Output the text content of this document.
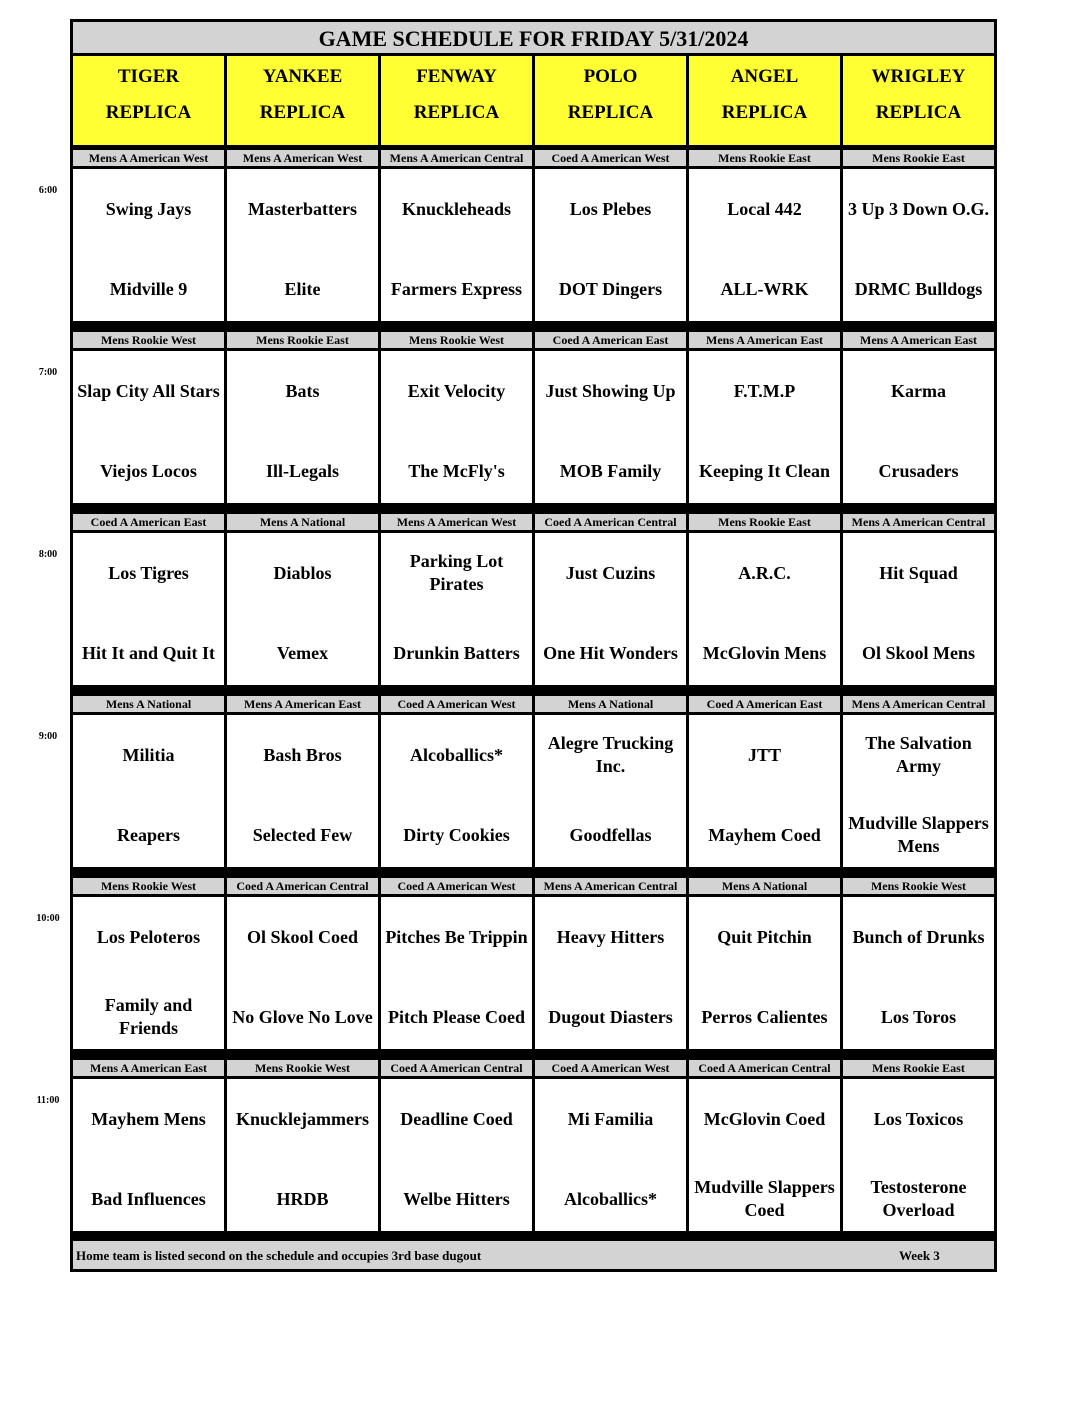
6:00
7:00
8:00
9:00
10:00
11:00
GAME SCHEDULE FOR FRIDAY 5/31/2024
TIGER
REPLICA
YANKEE
REPLICA
FENWAY
REPLICA
POLO
REPLICA
ANGEL
REPLICA
WRIGLEY
REPLICA
Mens A American West
Swing Jays
Midville 9
Mens A American West
Masterbatters
Elite
Mens A American Central
Knuckleheads
Farmers Express
Coed A American West
Los Plebes
DOT Dingers
Mens Rookie East
Local 442
ALL-WRK
Mens Rookie East
3 Up 3 Down O.G.
DRMC Bulldogs
Mens Rookie West
Slap City All Stars
Viejos Locos
Mens Rookie East
Bats
Ill-Legals
Mens Rookie West
Exit Velocity
The McFly's
Coed A American East
Just Showing Up
MOB Family
Mens A American East
F.T.M.P
Keeping It Clean
Mens A American East
Karma
Crusaders
Coed A American East
Los Tigres
Hit It and Quit It
Mens A National
Diablos
Vemex
Mens A American West
Parking Lot Pirates
Drunkin Batters
Coed A American Central
Just Cuzins
One Hit Wonders
Mens Rookie East
A.R.C.
McGlovin Mens
Mens A American Central
Hit Squad
Ol Skool Mens
Mens A National
Militia
Reapers
Mens A American East
Bash Bros
Selected Few
Coed A American West
Alcoballics*
Dirty Cookies
Mens A National
Alegre Trucking Inc.
Goodfellas
Coed A American East
JTT
Mayhem Coed
Mens A American Central
The Salvation Army
Mudville Slappers Mens
Mens Rookie West
Los Peloteros
Family and Friends
Coed A American Central
Ol Skool Coed
No Glove No Love
Coed A American West
Pitches Be Trippin
Pitch Please Coed
Mens A American Central
Heavy Hitters
Dugout Diasters
Mens A National
Quit Pitchin
Perros Calientes
Mens Rookie West
Bunch of Drunks
Los Toros
Mens A American East
Mayhem Mens
Bad Influences
Mens Rookie West
Knucklejammers
HRDB
Coed A American Central
Deadline Coed
Welbe Hitters
Coed A American West
Mi Familia
Alcoballics*
Coed A American Central
McGlovin Coed
Mudville Slappers Coed
Mens Rookie East
Los Toxicos
Testosterone Overload
Home team is listed second on the schedule and occupies 3rd base dugout	Week 3
